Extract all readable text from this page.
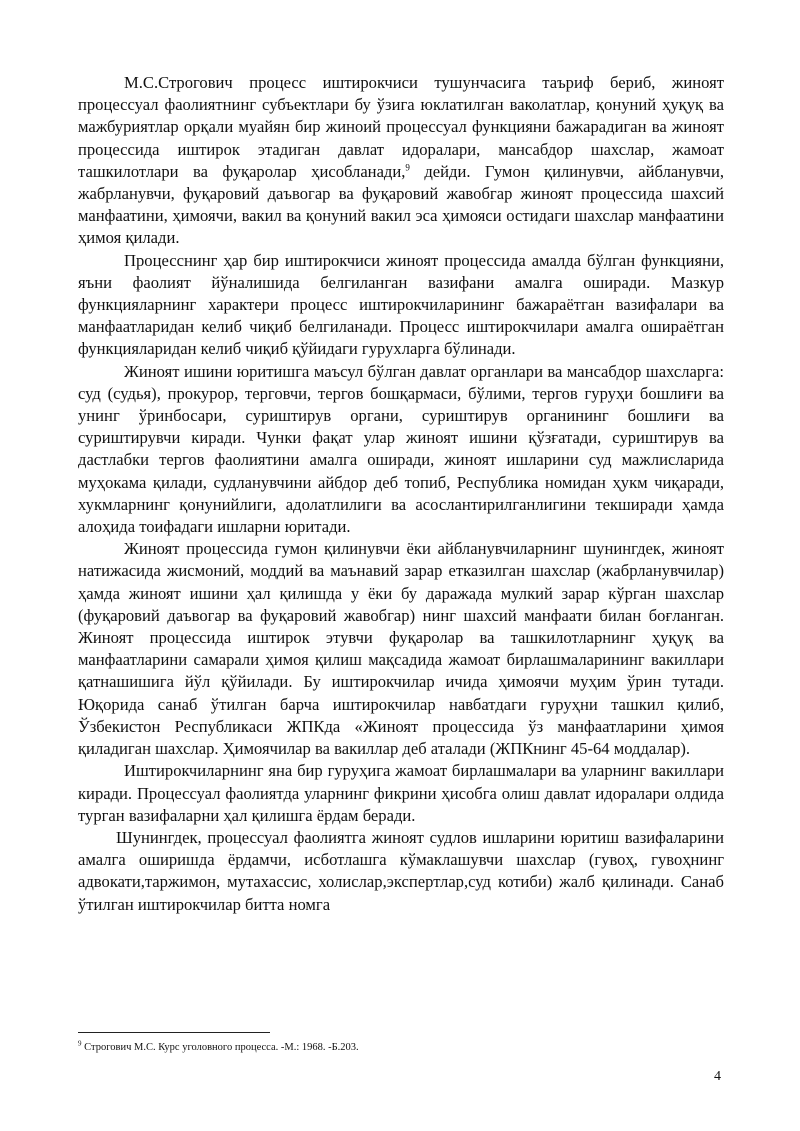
М.С.Строгович процесс иштирокчиси тушунчасига таъриф бериб, жиноят процессуал фаолиятнинг субъектлари бу ўзига юклатилган ваколатлар, қонуний ҳуқуқ ва мажбуриятлар орқали муайян бир жиноий процессуал функцияни бажарадиган ва жиноят процессида иштирок этадиган давлат идоралари, мансабдор шахслар, жамоат ташкилотлари ва фуқаролар ҳисобланади,$^9$ дейди. Гумон қилинувчи, айбланувчи, жабрланувчи, фуқаровий даъвогар ва фуқаровий жавобгар жиноят процессида шахсий манфаатини, ҳимоячи, вакил ва қонуний вакил эса ҳимояси остидаги шахслар манфаатини ҳимоя қилади.

Процесснинг ҳар бир иштирокчиси жиноят процессида амалда бўлган функцияни, яъни фаолият йўналишида белгиланган вазифани амалга оширади. Мазкур функцияларнинг характери процесс иштирокчиларининг бажараётган вазифалари ва манфаатларидан келиб чиқиб белгиланади. Процесс иштирокчилари амалга ошираётган функцияларидан келиб чиқиб қўйидаги гурухларга бўлинади.

Жиноят ишини юритишга маъсул бўлган давлат органлари ва мансабдор шахсларга: суд (судья), прокурор, терговчи, тергов бошқармаси, бўлими, тергов гуруҳи бошлиғи ва унинг ўринбосари, суриштирув органи, суриштирув органининг бошлиғи ва суриштирувчи киради. Чунки фақат улар жиноят ишини қўзғатади, суриштирув ва дастлабки тергов фаолиятини амалга оширади, жиноят ишларини суд мажлисларида муҳокама қилади, судланувчини айбдор деб топиб, Республика номидан ҳукм чиқаради, хукмларнинг қонунийлиги, адолатлилиги ва асослантирилганлигини текширади ҳамда алоҳида тоифадаги ишларни юритади.

Жиноят процессида гумон қилинувчи ёки айбланувчиларнинг шунингдек, жиноят натижасида жисмоний, моддий ва маънавий зарар етказилган шахслар (жабрланувчилар) ҳамда жиноят ишини ҳал қилишда у ёки бу даражада мулкий зарар кўрган шахслар (фуқаровий даъвогар ва фуқаровий жавобгар) нинг шахсий манфаати билан боғланган. Жиноят процессида иштирок этувчи фуқаролар ва ташкилотларнинг ҳуқуқ ва манфаатларини самарали ҳимоя қилиш мақсадида жамоат бирлашмаларининг вакиллари қатнашишига йўл қўйилади. Бу иштирокчилар ичида ҳимоячи муҳим ўрин тутади. Юқорида санаб ўтилган барча иштирокчилар навбатдаги гуруҳни ташкил қилиб, Ўзбекистон Республикаси ЖПКда «Жиноят процессида ўз манфаатларини ҳимоя қиладиган шахслар. Ҳимоячилар ва вакиллар деб аталади (ЖПКнинг 45-64 моддалар).

Иштирокчиларнинг яна бир гуруҳига жамоат бирлашмалари ва уларнинг вакиллари киради. Процессуал фаолиятда уларнинг фикрини ҳисобга олиш давлат идоралари олдида турган вазифаларни ҳал қилишга ёрдам беради.

Шунингдек, процессуал фаолиятга жиноят судлов ишларини юритиш вазифаларини амалга оширишда ёрдамчи, исботлашга кўмаклашувчи шахслар (гувоҳ, гувоҳнинг адвокати,таржимон, мутахассис, холислар,экспертлар,суд котиби) жалб қилинади. Санаб ўтилган иштирокчилар битта номга

$^9$ Строгович М.С. Курс уголовного процесса. -М.: 1968. -Б.203.
4
